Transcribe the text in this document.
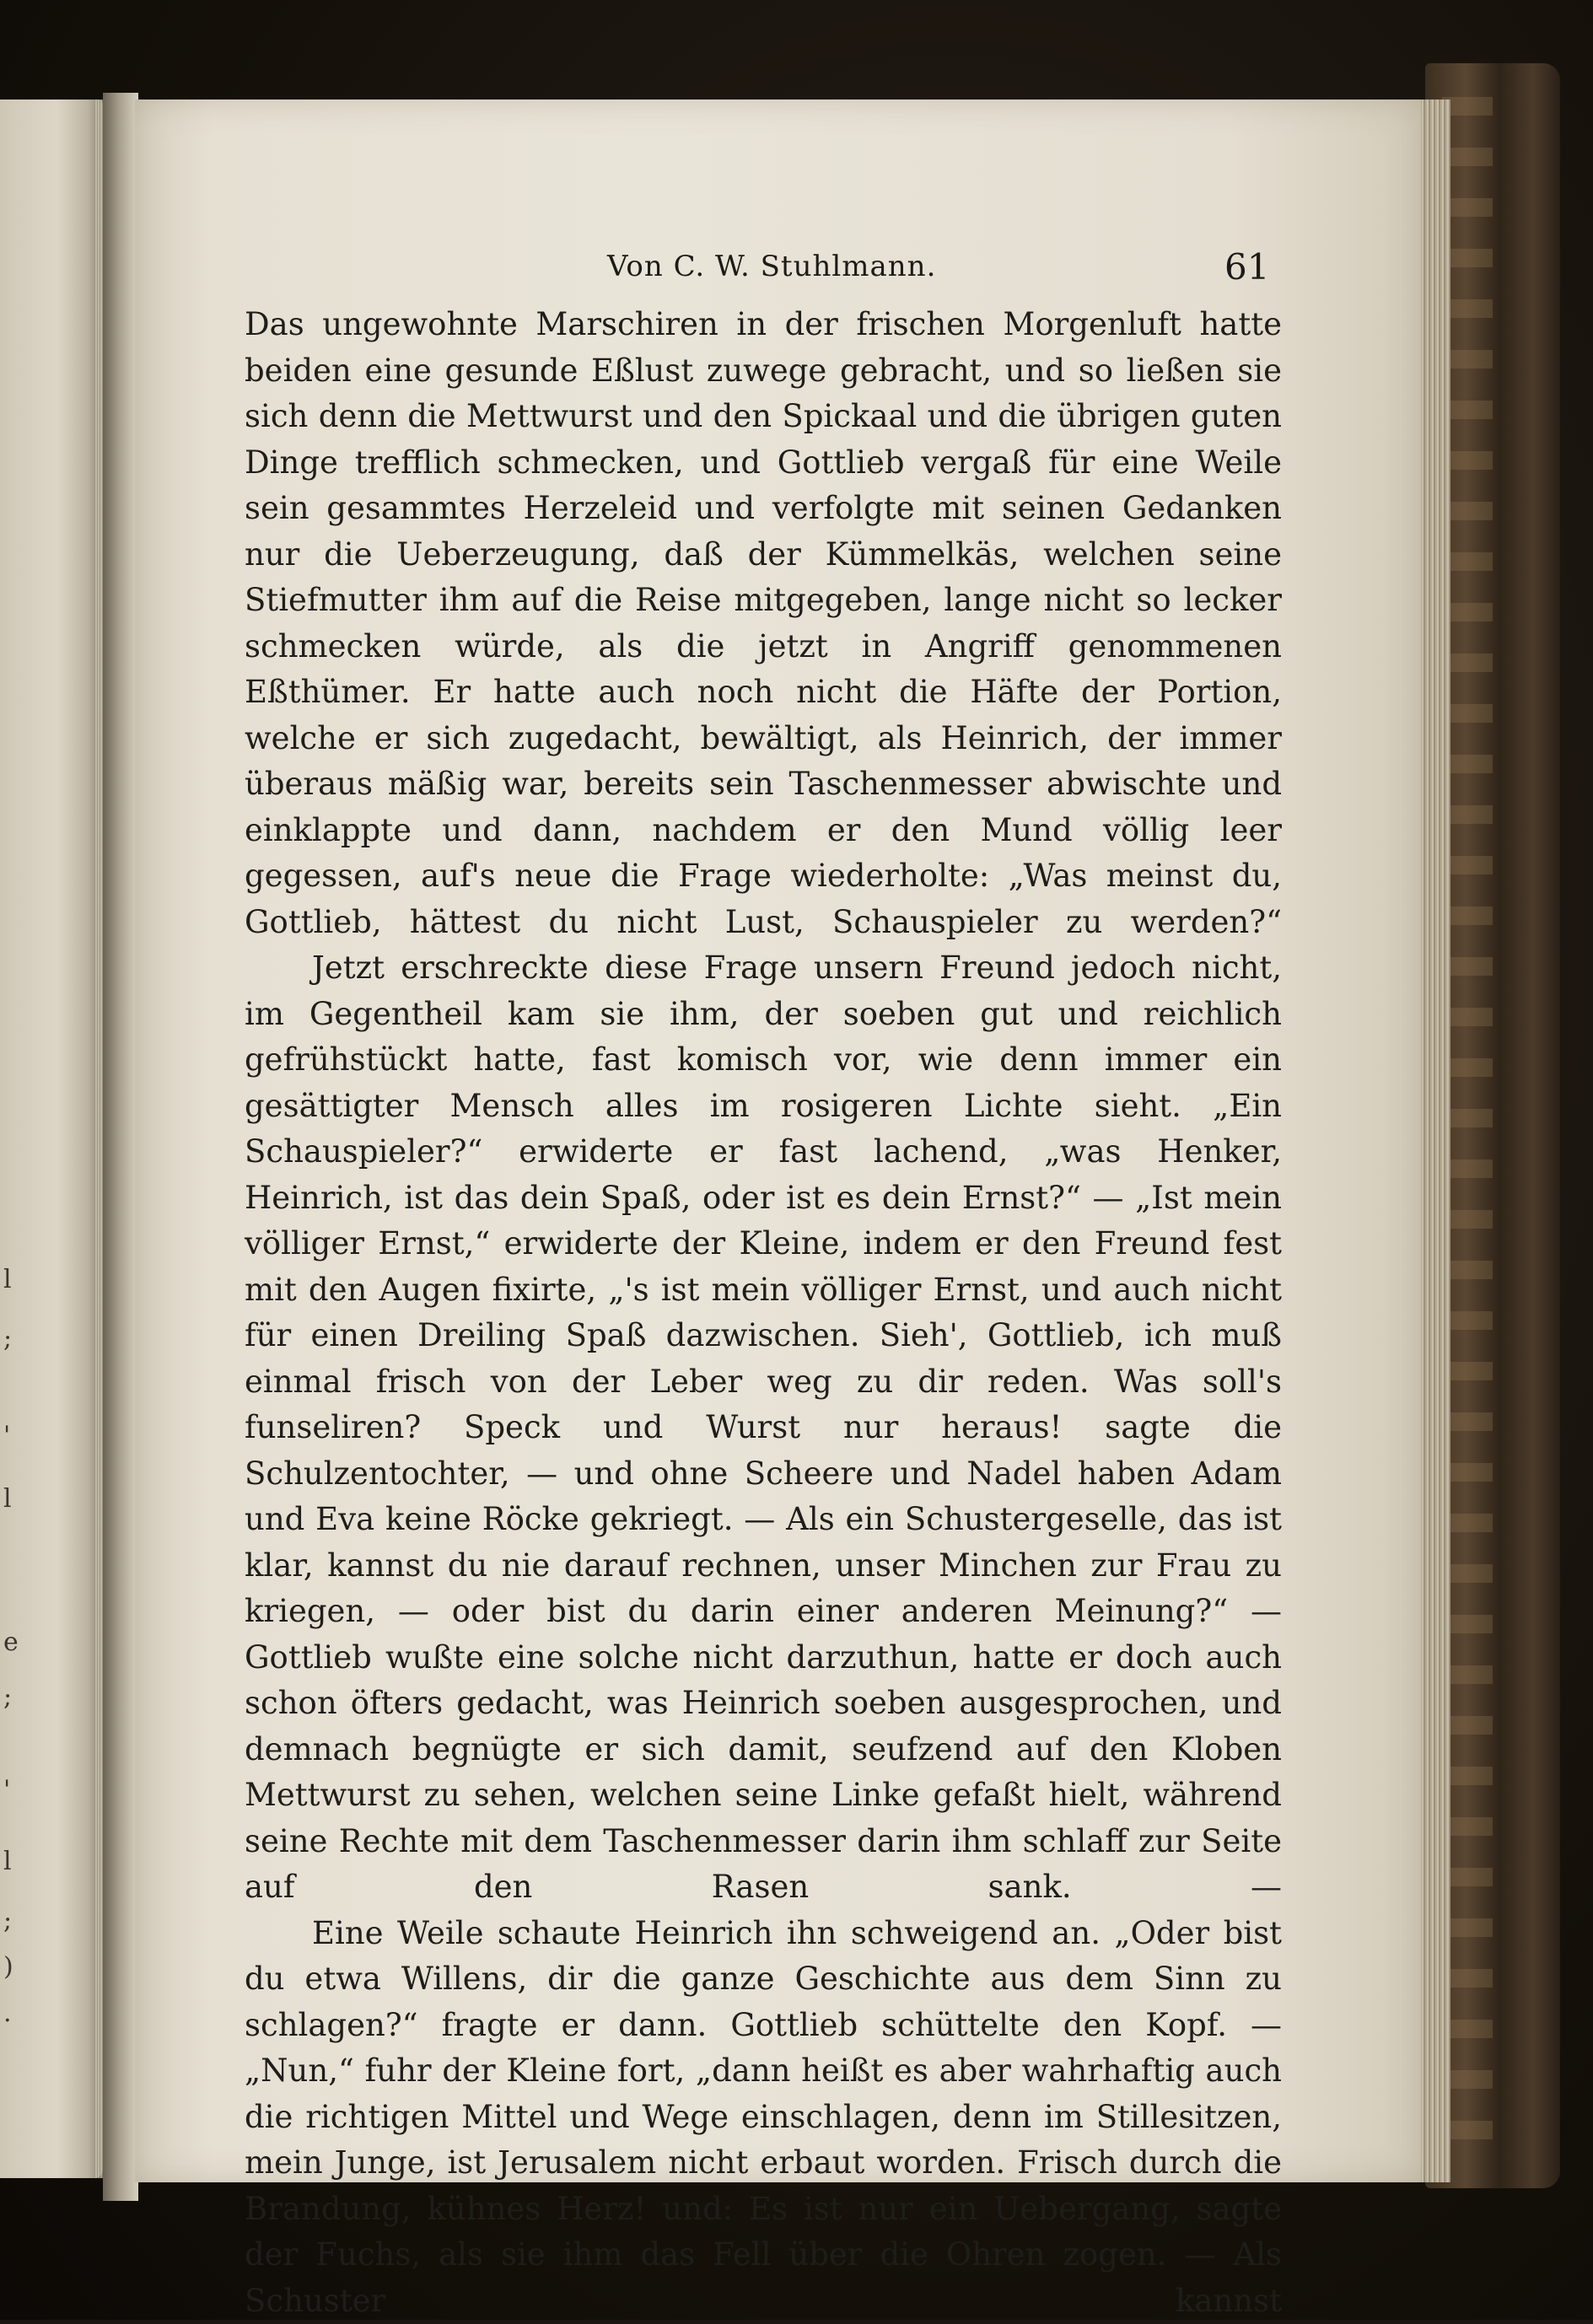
l
;
'
l
e
;
'
l
;
)
.
Von C. W. Stuhlmann.	61

Das ungewohnte Marschiren in der frischen Morgenluft hatte beiden eine gesunde Eßlust zuwege gebracht, und so ließen sie sich denn die Mettwurst und den Spickaal und die übrigen guten Dinge trefflich schmecken, und Gottlieb vergaß für eine Weile sein gesammtes Herzeleid und verfolgte mit seinen Gedanken nur die Ueberzeugung, daß der Kümmelkäs, welchen seine Stiefmutter ihm auf die Reise mitgegeben, lange nicht so lecker schmecken würde, als die jetzt in Angriff genommenen Eßthümer. Er hatte auch noch nicht die Häfte der Portion, welche er sich zugedacht, bewältigt, als Heinrich, der immer überaus mäßig war, bereits sein Taschenmesser abwischte und einklappte und dann, nachdem er den Mund völlig leer gegessen, auf's neue die Frage wiederholte: „Was meinst du, Gottlieb, hättest du nicht Lust, Schauspieler zu werden?“

Jetzt erschreckte diese Frage unsern Freund jedoch nicht, im Gegentheil kam sie ihm, der soeben gut und reichlich gefrühstückt hatte, fast komisch vor, wie denn immer ein gesättigter Mensch alles im rosigeren Lichte sieht. „Ein Schauspieler?“ erwiderte er fast lachend, „was Henker, Heinrich, ist das dein Spaß, oder ist es dein Ernst?“ — „Ist mein völliger Ernst,“ erwiderte der Kleine, indem er den Freund fest mit den Augen fixirte, „'s ist mein völliger Ernst, und auch nicht für einen Dreiling Spaß dazwischen. Sieh', Gottlieb, ich muß einmal frisch von der Leber weg zu dir reden. Was soll's funseliren? Speck und Wurst nur heraus! sagte die Schulzentochter, — und ohne Scheere und Nadel haben Adam und Eva keine Röcke gekriegt. — Als ein Schustergeselle, das ist klar, kannst du nie darauf rechnen, unser Minchen zur Frau zu kriegen, — oder bist du darin einer anderen Meinung?“ — Gottlieb wußte eine solche nicht darzuthun, hatte er doch auch schon öfters gedacht, was Heinrich soeben ausgesprochen, und demnach begnügte er sich damit, seufzend auf den Kloben Mettwurst zu sehen, welchen seine Linke gefaßt hielt, während seine Rechte mit dem Taschenmesser darin ihm schlaff zur Seite auf den Rasen sank. —

Eine Weile schaute Heinrich ihn schweigend an. „Oder bist du etwa Willens, dir die ganze Geschichte aus dem Sinn zu schlagen?“ fragte er dann. Gottlieb schüttelte den Kopf. — „Nun,“ fuhr der Kleine fort, „dann heißt es aber wahrhaftig auch die richtigen Mittel und Wege einschlagen, denn im Stillesitzen, mein Junge, ist Jerusalem nicht erbaut worden. Frisch durch die Brandung, kühnes Herz! und: Es ist nur ein Uebergang, sagte der Fuchs, als sie ihm das Fell über die Ohren zogen. — Als Schuster kannst
